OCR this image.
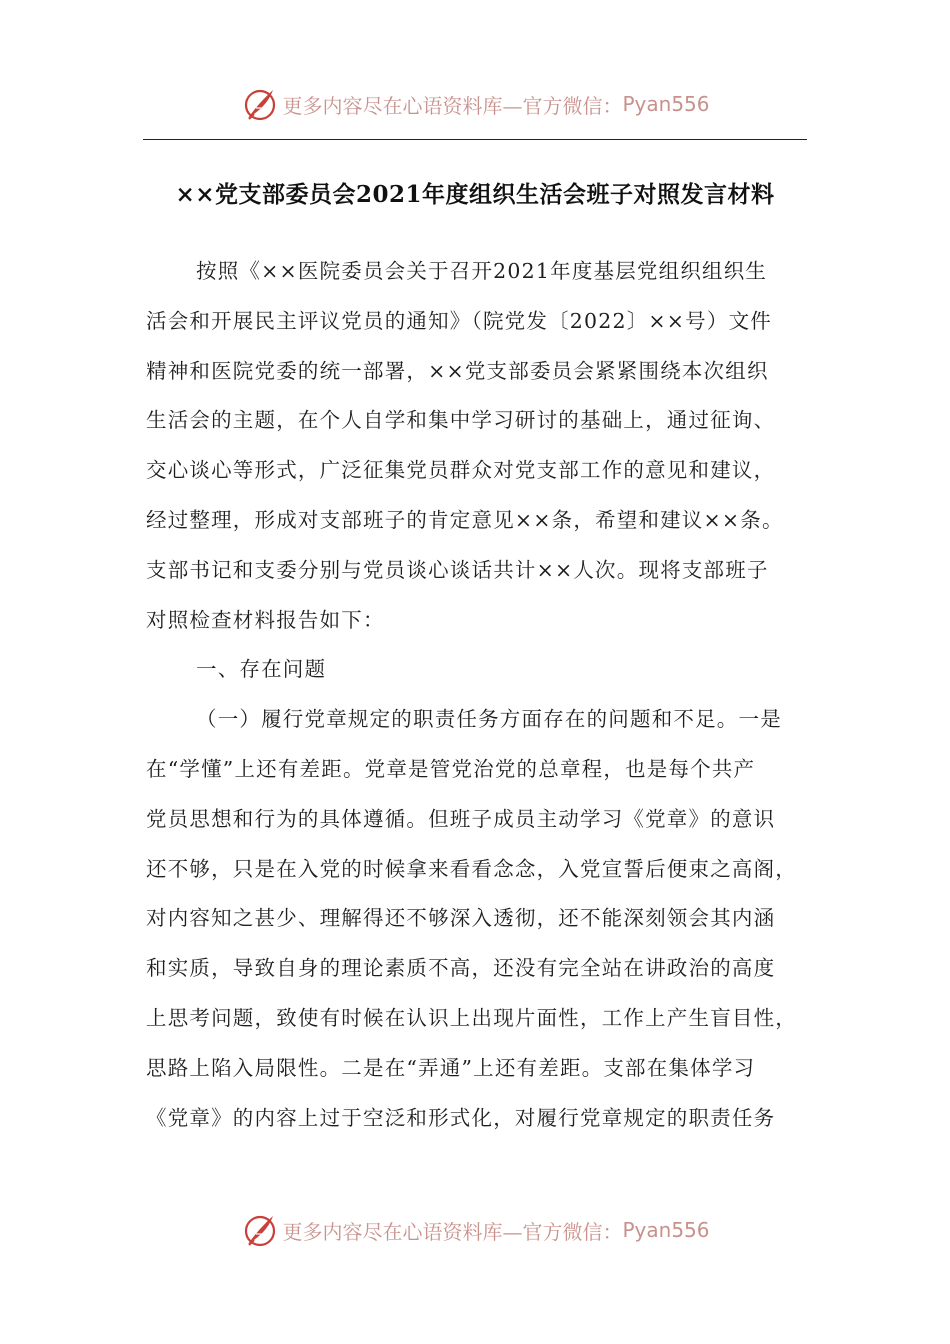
更多内容尽在心语资料库—官方微信： Pyan556
××党支部委员会2021年度组织生活会班子对照发言材料
按照《××医院委员会关于召开2021年度基层党组织组织生
活会和开展民主评议党员的通知》（院党发〔2022〕××号）文件
精神和医院党委的统一部署，××党支部委员会紧紧围绕本次组织
生活会的主题，在个人自学和集中学习研讨的基础上，通过征询、
交心谈心等形式，广泛征集党员群众对党支部工作的意见和建议，
经过整理，形成对支部班子的肯定意见××条，希望和建议××条。
支部书记和支委分别与党员谈心谈话共计××人次。现将支部班子
对照检查材料报告如下：
一、存在问题
（一）履行党章规定的职责任务方面存在的问题和不足。一是
在“学懂”上还有差距。党章是管党治党的总章程，也是每个共产
党员思想和行为的具体遵循。但班子成员主动学习《党章》的意识
还不够，只是在入党的时候拿来看看念念，入党宣誓后便束之高阁，
对内容知之甚少、理解得还不够深入透彻，还不能深刻领会其内涵
和实质，导致自身的理论素质不高，还没有完全站在讲政治的高度
上思考问题，致使有时候在认识上出现片面性，工作上产生盲目性，
思路上陷入局限性。二是在“弄通”上还有差距。支部在集体学习
《党章》的内容上过于空泛和形式化，对履行党章规定的职责任务
更多内容尽在心语资料库—官方微信： Pyan556
